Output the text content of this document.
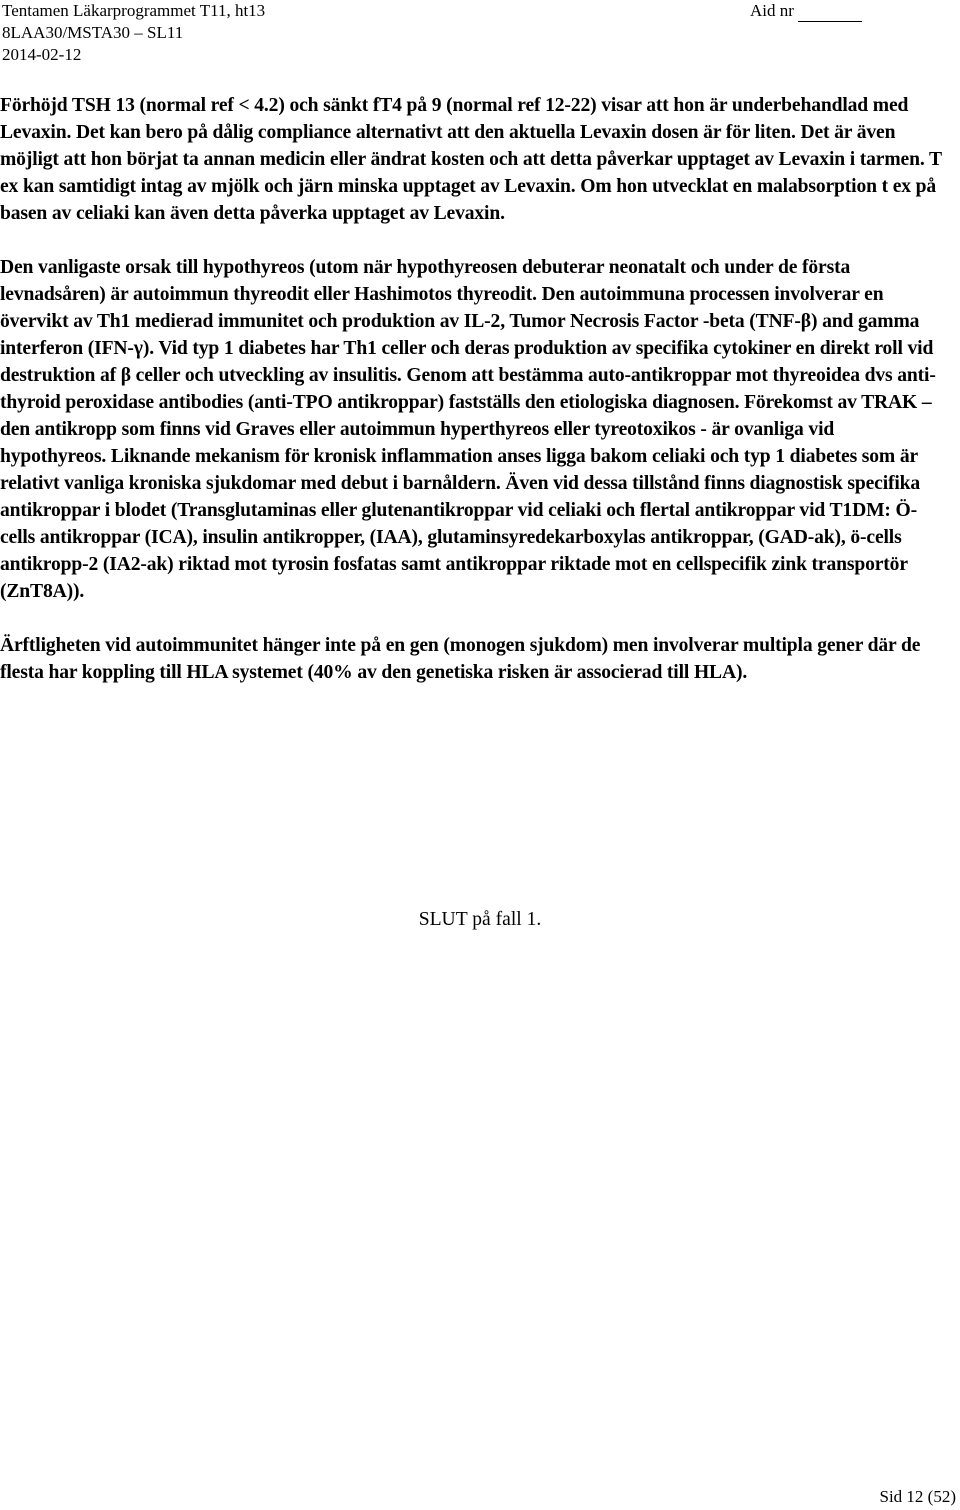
Tentamen Läkarprogrammet T11, ht13
8LAA30/MSTA30 – SL11
2014-02-12
Aid nr

Förhöjd TSH 13 (normal ref < 4.2) och sänkt fT4 på 9 (normal ref 12-22) visar att hon är underbehandlad med Levaxin. Det kan bero på dålig compliance alternativt att den aktuella Levaxin dosen är för liten. Det är även möjligt att hon börjat ta annan medicin eller ändrat kosten och att detta påverkar upptaget av Levaxin i tarmen. T ex kan samtidigt intag av mjölk och järn minska upptaget av Levaxin. Om hon utvecklat en malabsorption t ex på basen av celiaki kan även detta påverka upptaget av Levaxin.

Den vanligaste orsak till hypothyreos (utom när hypothyreosen debuterar neonatalt och under de första levnadsåren) är autoimmun thyreodit eller Hashimotos thyreodit. Den autoimmuna processen involverar en övervikt av Th1 medierad immunitet och produktion av IL-2, Tumor Necrosis Factor -beta (TNF-β) and gamma interferon (IFN-γ). Vid typ 1 diabetes har Th1 celler och deras produktion av specifika cytokiner en direkt roll vid destruktion af β celler och utveckling av insulitis. Genom att bestämma auto-antikroppar mot thyreoidea dvs anti-thyroid peroxidase antibodies (anti-TPO antikroppar) fastställs den etiologiska diagnosen. Förekomst av TRAK – den antikropp som finns vid Graves eller autoimmun hyperthyreos eller tyreotoxikos - är ovanliga vid hypothyreos. Liknande mekanism för kronisk inflammation anses ligga bakom celiaki och typ 1 diabetes som är relativt vanliga kroniska sjukdomar med debut i barnåldern. Även vid dessa tillstånd finns diagnostisk specifika antikroppar i blodet (Transglutaminas eller glutenantikroppar vid celiaki och flertal antikroppar vid T1DM: Ö-cells antikroppar (ICA), insulin antikropper, (IAA), glutaminsyredekarboxylas antikroppar, (GAD-ak), ö-cells antikropp-2 (IA2-ak) riktad mot tyrosin fosfatas samt antikroppar riktade mot en cellspecifik zink transportör (ZnT8A)).

Ärftligheten vid autoimmunitet hänger inte på en gen (monogen sjukdom) men involverar multipla gener där de flesta har koppling till HLA systemet (40% av den genetiska risken är associerad till HLA).

SLUT på fall 1.
Sid 12 (52)
